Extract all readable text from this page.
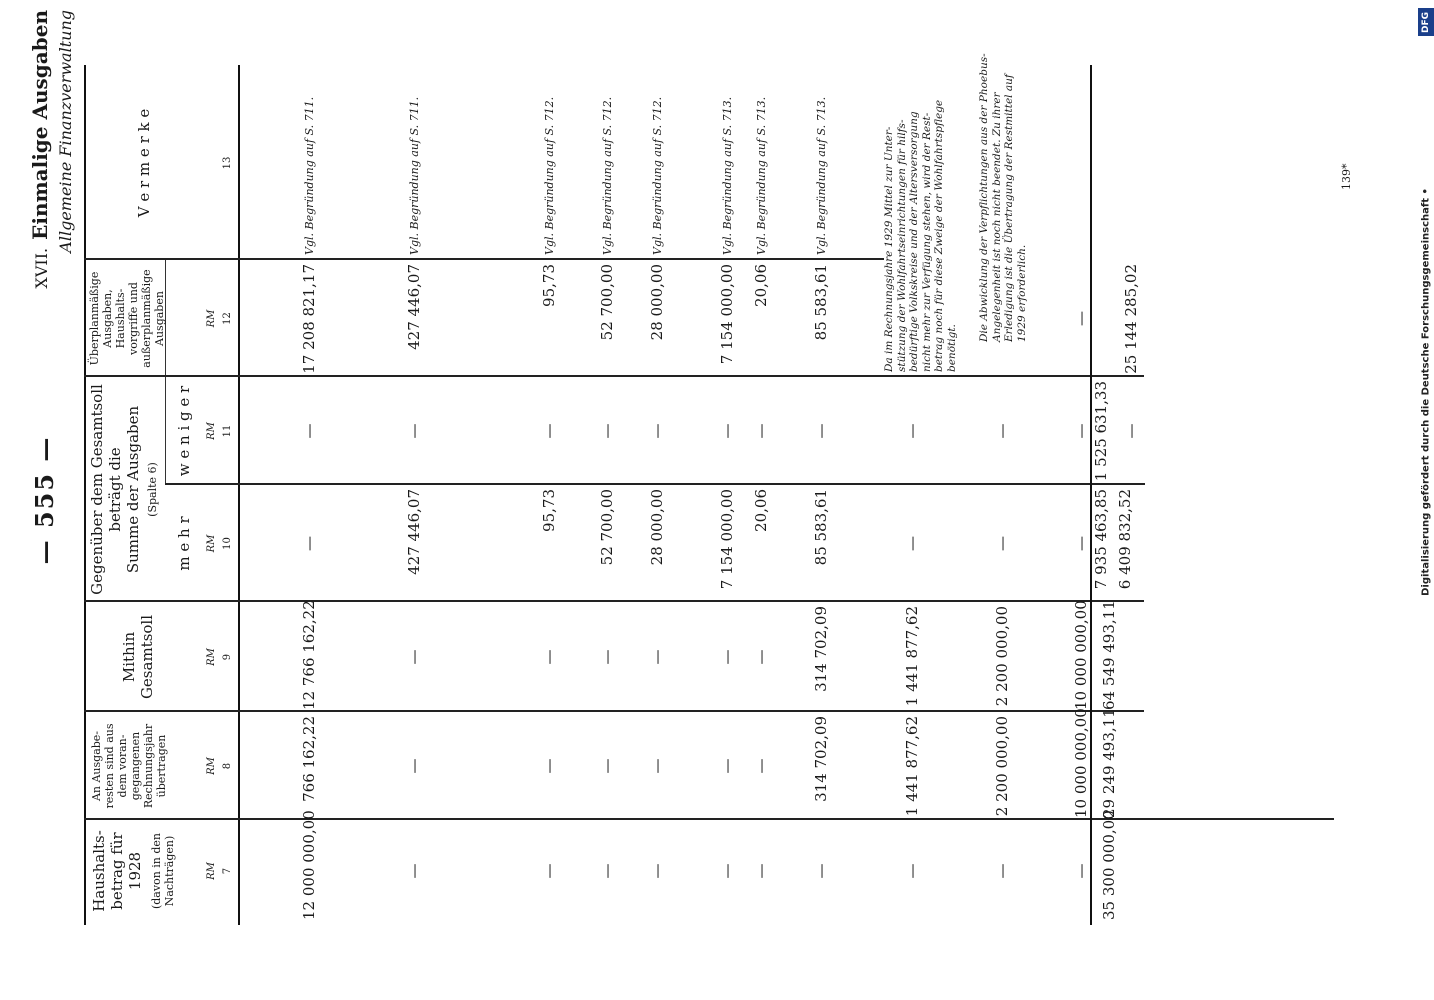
— 555 —
XVII.Einmalige Ausgaben Allgemeine Finanzverwaltung
Haushalts-
betrag für
1928
(davon in den
Nachträgen)
An Ausgabe-
resten sind aus
dem voran-
gegangenen
Rechnungsjahr
übertragen
Mithin
Gesamtsoll
Gegenüber dem Gesamtsoll
beträgt die
Summe der Ausgaben
(Spalte 6)
m e h r
w e n i g e r
Überplanmäßige
Ausgaben,
Haushalts-
vorgriffe und
außerplanmäßige
Ausgaben
V e r m e r k e
RM
RM
RM
RM
RM
RM
7
8
9
10
11
12
13
12 000 000,00
766 162,22
12 766 162,22
—
—
17 208 821,17
Vgl. Begründung auf S. 711.
—
—
—
427 446,07
—
427 446,07
Vgl. Begründung auf S. 711.
—
—
—
95,73
—
95,73
Vgl. Begründung auf S. 712.
—
—
—
52 700,00
—
52 700,00
Vgl. Begründung auf S. 712.
—
—
—
28 000,00
—
28 000,00
Vgl. Begründung auf S. 712.
—
—
—
7 154 000,00
—
7 154 000,00
Vgl. Begründung auf S. 713.
—
—
—
20,06
—
20,06
Vgl. Begründung auf S. 713.
—
314 702,09
314 702,09
85 583,61
—
85 583,61
Vgl. Begründung auf S. 713.
—
1 441 877,62
1 441 877,62
—
—
—
2 200 000,00
2 200 000,00
—
—
—
10 000 000,00
10 000 000,00
—
—
—
Da im Rechnungsjahre 1929 Mittel zur Unter-
stützung der Wohlfahrtseinrichtungen für hilfs-
bedürftige Volkskreise und der Altersversorgung
nicht mehr zur Verfügung stehen, wird der Rest-
betrag noch für diese Zweige der Wohlfahrtspflege
benötigt. Die Abwicklung der Verpflichtungen aus der Phoebus-
Angelegenheit ist noch nicht beendet. Zu ihrer
Erledigung ist die Übertragung der Restmittel auf
1929 erforderlich.
35 300 000,00
29 249 493,11
64 549 493,11
7 935 463,85 6 409 832,52
1 525 631,33 —
25 144 285,02
139*
DFG
Digitalisierung gefördert durch die Deutsche Forschungsgemeinschaft •
